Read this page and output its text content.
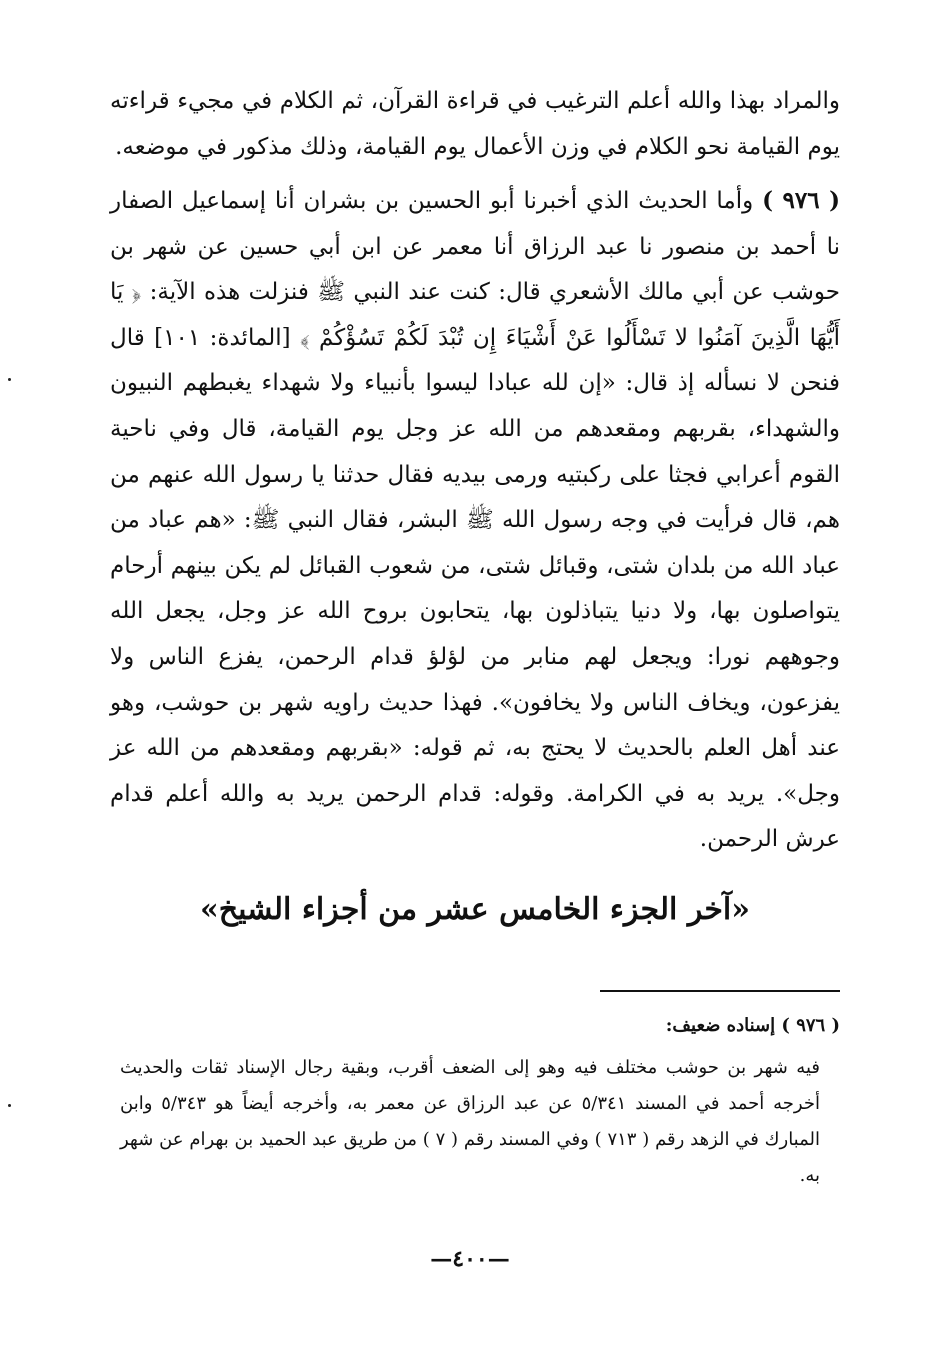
والمراد بهذا والله أعلم الترغيب في قراءة القرآن، ثم الكلام في مجيء قراءته يوم القيامة نحو الكلام في وزن الأعمال يوم القيامة، وذلك مذكور في موضعه.

( ٩٧٦ ) وأما الحديث الذي أخبرنا أبو الحسين بن بشران أنا إسماعيل الصفار نا أحمد بن منصور نا عبد الرزاق أنا معمر عن ابن أبي حسين عن شهر بن حوشب عن أبي مالك الأشعري قال: كنت عند النبي ﷺ فنزلت هذه الآية: ﴿ يَا أَيُّهَا الَّذِينَ آمَنُوا لا تَسْأَلُوا عَنْ أَشْيَاءَ إِن تُبْدَ لَكُمْ تَسُؤْكُمْ ﴾ [المائدة: ١٠١] قال فنحن لا نسأله إذ قال: «إن لله عبادا ليسوا بأنبياء ولا شهداء يغبطهم النبيون والشهداء، بقربهم ومقعدهم من الله عز وجل يوم القيامة، قال وفي ناحية القوم أعرابي فجثا على ركبتيه ورمى بيديه فقال حدثنا يا رسول الله عنهم من هم، قال فرأيت في وجه رسول الله ﷺ البشر، فقال النبي ﷺ: «هم عباد من عباد الله من بلدان شتى، وقبائل شتى، من شعوب القبائل لم يكن بينهم أرحام يتواصلون بها، ولا دنيا يتباذلون بها، يتحابون بروح الله عز وجل، يجعل الله وجوههم نورا: ويجعل لهم منابر من لؤلؤ قدام الرحمن، يفزع الناس ولا يفزعون، ويخاف الناس ولا يخافون». فهذا حديث راويه شهر بن حوشب، وهو عند أهل العلم بالحديث لا يحتج به، ثم قوله: «بقربهم ومقعدهم من الله عز وجل». يريد به في الكرامة. وقوله: قدام الرحمن يريد به والله أعلم قدام عرش الرحمن.

«آخر الجزء الخامس عشر من أجزاء الشيخ»

( ٩٧٦ ) إسناده ضعيف:

فيه شهر بن حوشب مختلف فيه وهو إلى الضعف أقرب، وبقية رجال الإسناد ثقات والحديث أخرجه أحمد في المسند ٥/٣٤١ عن عبد الرزاق عن معمر به، وأخرجه أيضاً هو ٥/٣٤٣ وابن المبارك في الزهد رقم ( ٧١٣ ) وفي المسند رقم ( ٧ ) من طريق عبد الحميد بن بهرام عن شهر به.

—٤٠٠—
